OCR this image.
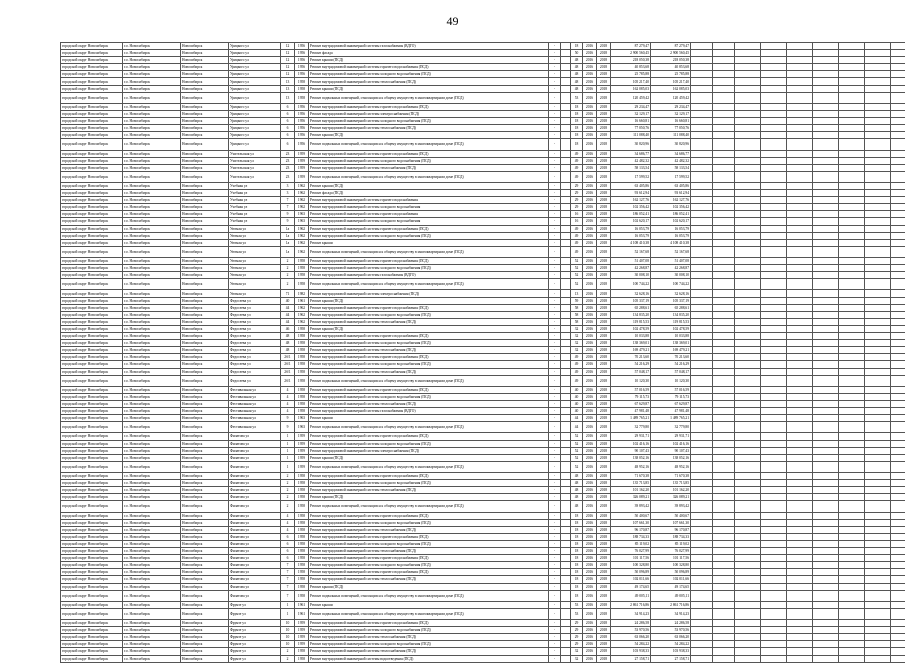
49
городской округ Новосибирск	г.о. Новосибирск	Новосибирск	Урицкого ул	12	1956	Ремонт внутридомовой инженерной системы газоснабжения (ВДГО)	-		18	2016	2018	87 279,47	87 279,47									
городской округ Новосибирск	г.о. Новосибирск	Новосибирск	Урицкого ул	12	1956	Ремонт фасада	-		50	2016	2018	2 900 560,45	2 900 560,45									
городской округ Новосибирск	г.о. Новосибирск	Новосибирск	Урицкого ул	12	1956	Ремонт крыши (ПСД)	-		48	2016	2018	218 050,38	218 050,38									
городской округ Новосибирск	г.о. Новосибирск	Новосибирск	Урицкого ул	12	1956	Ремонт внутридомовой инженерной системы горячего водоснабжения (ПСД)	-		48	2016	2018	40 853,68	40 853,68									
городской округ Новосибирск	г.о. Новосибирск	Новосибирск	Урицкого ул	12	1956	Ремонт внутридомовой инженерной системы холодного водоснабжения (ПСД)	-		48	2016	2018	25 785,88	25 785,88									
городской округ Новосибирск	г.о. Новосибирск	Новосибирск	Урицкого ул	13	1958	Ремонт внутридомовой инженерной системы теплоснабжения (ПСД)	-		48	2016	2018	105 217,40	105 217,40									
городской округ Новосибирск	г.о. Новосибирск	Новосибирск	Урицкого ул	13	1958	Ремонт крыши (ПСД)	-		48	2016	2018	162 085,03	162 085,03									
городской округ Новосибирск	г.о. Новосибирск	Новосибирск	Урицкого ул	13	1958	Ремонт подвальных помещений, относящихся к общему имуществу в многоквартирном доме (ПСД)	-		53	2016	2018	120 459,42	120 459,42									
городской округ Новосибирск	г.о. Новосибирск	Новосибирск	Урицкого ул	6	1956	Ремонт внутридомовой инженерной системы горячего водоснабжения (ПСД)	-		18	2016	2018	29 234,47	29 234,47									
городской округ Новосибирск	г.о. Новосибирск	Новосибирск	Урицкого ул	6	1956	Ремонт внутридомовой инженерной системы электроснабжения (ПСД)	-		18	2016	2018	32 129,17	32 129,17									
городской округ Новосибирск	г.о. Новосибирск	Новосибирск	Урицкого ул	6	1956	Ремонт внутридомовой инженерной системы холодного водоснабжения (ПСД)	-		18	2016	2018	16 660,81	16 660,81									
городской округ Новосибирск	г.о. Новосибирск	Новосибирск	Урицкого ул	6	1956	Ремонт внутридомовой инженерной системы теплоснабжения (ПСД)	-		18	2016	2018	77 050,76	77 050,76									
городской округ Новосибирск	г.о. Новосибирск	Новосибирск	Урицкого ул	6	1956	Ремонт крыши (ПСД)	-		18	2016	2018	111 088,40	111 088,40									
городской округ Новосибирск	г.о. Новосибирск	Новосибирск	Урицкого ул	6	1956	Ремонт подвальных помещений, относящихся к общему имуществу в многоквартирном доме (ПСД)	-		18	2016	2018	30 820,96	30 820,96									
городской округ Новосибирск	г.о. Новосибирск	Новосибирск	Учительская ул	23	1959	Ремонт внутридомовой инженерной системы горячего водоснабжения (ПСД)	-		49	2016	2018	34 686,77	34 686,77									
городской округ Новосибирск	г.о. Новосибирск	Новосибирск	Учительская ул	23	1959	Ремонт внутридомовой инженерной системы холодного водоснабжения (ПСД)	-		49	2016	2018	42 482,32	42 482,32									
городской округ Новосибирск	г.о. Новосибирск	Новосибирск	Учительская ул	23	1959	Ремонт внутридомовой инженерной системы теплоснабжения (ПСД)	-		49	2016	2018	58 133,54	58 133,54									
городской округ Новосибирск	г.о. Новосибирск	Новосибирск	Учительская ул	23	1959	Ремонт подвальных помещений, относящихся к общему имуществу в многоквартирном доме (ПСД)	-		49	2016	2018	17 599,52	17 599,52									
городской округ Новосибирск	г.о. Новосибирск	Новосибирск	Учебная ул	3	1962	Ремонт крыши (ПСД)	-		29	2016	2018	63 405,86	63 405,86									
городской округ Новосибирск	г.о. Новосибирск	Новосибирск	Учебная ул	3	1962	Ремонт фасада (ПСД)	-		29	2016	2018	93 612,94	93 612,94									
городской округ Новосибирск	г.о. Новосибирск	Новосибирск	Учебная ул	7	1962	Ремонт внутридомовой инженерной системы горячего водоснабжения	-		29	2016	2018	162 127,76	162 127,76									
городской округ Новосибирск	г.о. Новосибирск	Новосибирск	Учебная ул	7	1962	Ремонт внутридомовой инженерной системы холодного водоснабжения	-		29	2016	2018	102 356,42	102 356,42									
городской округ Новосибирск	г.о. Новосибирск	Новосибирск	Учебная ул	9	1963	Ремонт внутридомовой инженерной системы горячего водоснабжения	-		16	2016	2018	186 052,41	186 052,41									
городской округ Новосибирск	г.о. Новосибирск	Новосибирск	Учебная ул	9	1963	Ремонт внутридомовой инженерной системы холодного водоснабжения	-		16	2016	2018	102 620,17	102 620,17									
городской округ Новосибирск	г.о. Новосибирск	Новосибирск	Уютная ул	1а	1962	Ремонт внутридомовой инженерной системы горячего водоснабжения (ПСД)	-		49	2016	2018	16 053,79	16 053,79									
городской округ Новосибирск	г.о. Новосибирск	Новосибирск	Уютная ул	1а	1962	Ремонт внутридомовой инженерной системы холодного водоснабжения (ПСД)	-		49	2016	2018	16 053,79	16 053,79									
городской округ Новосибирск	г.о. Новосибирск	Новосибирск	Уютная ул	1а	1962	Ремонт крыши	-		49	2016	2018	4 108 410,38	4 108 410,38									
городской округ Новосибирск	г.о. Новосибирск	Новосибирск	Уютная ул	1а	1962	Ремонт подвальных помещений, относящихся к общему имуществу в многоквартирном доме (ПСД)	-		49	2016	2018	52 167,68	52 167,68									
городской округ Новосибирск	г.о. Новосибирск	Новосибирск	Уютная ул	2	1958	Ремонт внутридомовой инженерной системы горячего водоснабжения (ПСД)	-		52	2016	2018	51 407,08	51 407,08									
городской округ Новосибирск	г.о. Новосибирск	Новосибирск	Уютная ул	2	1958	Ремонт внутридомовой инженерной системы холодного водоснабжения (ПСД)	-		52	2016	2018	42 268,87	42 268,87									
городской округ Новосибирск	г.о. Новосибирск	Новосибирск	Уютная ул	2	1958	Ремонт внутридомовой инженерной системы газоснабжения (ВДГО)	-		52	2016	2018	30 008,10	30 008,10									
городской округ Новосибирск	г.о. Новосибирск	Новосибирск	Уютная ул	2	1958	Ремонт подвальных помещений, относящихся к общему имуществу в многоквартирном доме (ПСД)	-		52	2016	2018	100 744,22	100 744,22									
городской округ Новосибирск	г.о. Новосибирск	Новосибирск	Уютная ул	71	1982	Ремонт внутридомовой инженерной системы электроснабжения (ПСД)	-		13	2016	2018	32 628,16	32 628,16									
городской округ Новосибирск	г.о. Новосибирск	Новосибирск	Федосеева ул	40	1961	Ремонт крыши (ПСД)	-		59	2016	2018	105 337,19	105 337,19									
городской округ Новосибирск	г.о. Новосибирск	Новосибирск	Федосеева ул	44	1962	Ремонт внутридомовой инженерной системы горячего водоснабжения (ПСД)	-		58	2016	2018	65 288,61	65 288,61									
городской округ Новосибирск	г.о. Новосибирск	Новосибирск	Федосеева ул	44	1962	Ремонт внутридомовой инженерной системы холодного водоснабжения (ПСД)	-		58	2016	2018	134 835,20	134 835,20									
городской округ Новосибирск	г.о. Новосибирск	Новосибирск	Федосеева ул	44	1962	Ремонт внутридомовой инженерной системы теплоснабжения (ПСД)	-		58	2016	2018	119 815,53	119 815,53									
городской округ Новосибирск	г.о. Новосибирск	Новосибирск	Федосеева ул	46	1958	Ремонт крыши (ПСД)	-		32	2016	2018	102 478,59	102 478,59									
городской округ Новосибирск	г.о. Новосибирск	Новосибирск	Федосеева ул	48	1958	Ремонт внутридомовой инженерной системы горячего водоснабжения (ПСД)	-		32	2016	2018	10 033,88	10 033,88									
городской округ Новосибирск	г.о. Новосибирск	Новосибирск	Федосеева ул	48	1958	Ремонт внутридомовой инженерной системы холодного водоснабжения (ПСД)	-		32	2016	2018	138 369,01	138 369,01									
городской округ Новосибирск	г.о. Новосибирск	Новосибирск	Федосеева ул	48	1958	Ремонт внутридомовой инженерной системы теплоснабжения (ПСД)	-		32	2016	2018	169 479,21	169 479,21									
городской округ Новосибирск	г.о. Новосибирск	Новосибирск	Федосеева ул	2б/1	1958	Ремонт внутридомовой инженерной системы горячего водоснабжения (ПСД)	-		49	2016	2018	70 213,60	70 213,60									
городской округ Новосибирск	г.о. Новосибирск	Новосибирск	Федосеева ул	2б/1	1958	Ремонт внутридомовой инженерной системы холодного водоснабжения (ПСД)	-		49	2016	2018	54 216,29	54 216,29									
городской округ Новосибирск	г.о. Новосибирск	Новосибирск	Федосеева ул	2б/1	1958	Ремонт внутридомовой инженерной системы теплоснабжения (ПСД)	-		49	2016	2018	57 048,17	57 048,17									
городской округ Новосибирск	г.о. Новосибирск	Новосибирск	Федосеева ул	2б/1	1958	Ремонт подвальных помещений, относящихся к общему имуществу в многоквартирном доме (ПСД)	-		49	2016	2018	10 120,30	10 120,30									
городской округ Новосибирск	г.о. Новосибирск	Новосибирск	Фестивальная ул	4	1958	Ремонт внутридомовой инженерной системы горячего водоснабжения (ПСД)	-		40	2016	2018	57 016,59	57 016,59									
городской округ Новосибирск	г.о. Новосибирск	Новосибирск	Фестивальная ул	4	1958	Ремонт внутридомовой инженерной системы холодного водоснабжения (ПСД)	-		40	2016	2018	79 115,73	79 115,73									
городской округ Новосибирск	г.о. Новосибирск	Новосибирск	Фестивальная ул	4	1958	Ремонт внутридомовой инженерной системы теплоснабжения (ПСД)	-		40	2016	2018	67 629,87	67 629,87									
городской округ Новосибирск	г.о. Новосибирск	Новосибирск	Фестивальная ул	4	1958	Ремонт внутридомовой инженерной системы газоснабжения (ВДГО)	-		40	2016	2018	47 981,48	47 981,48									
городской округ Новосибирск	г.о. Новосибирск	Новосибирск	Фестивальная ул	9	1963	Ремонт крыши	-		44	2016	2018	1 489 765,21	1 489 765,21									
городской округ Новосибирск	г.о. Новосибирск	Новосибирск	Фестивальная ул	9	1963	Ремонт подвальных помещений, относящихся к общему имуществу в многоквартирном доме (ПСД)	-		44	2016	2018	32 779,80	32 779,80									
городской округ Новосибирск	г.о. Новосибирск	Новосибирск	Филатова ул	1	1959	Ремонт внутридомовой инженерной системы горячего водоснабжения (ПСД)	-		52	2016	2018	29 931,71	29 931,71									
городской округ Новосибирск	г.о. Новосибирск	Новосибирск	Филатова ул	1	1959	Ремонт внутридомовой инженерной системы холодного водоснабжения (ПСД)	-		52	2016	2018	102 416,16	102 416,16									
городской округ Новосибирск	г.о. Новосибирск	Новосибирск	Филатова ул	1	1959	Ремонт внутридомовой инженерной системы электроснабжения (ПСД)	-		52	2016	2018	90 107,43	90 107,43									
городской округ Новосибирск	г.о. Новосибирск	Новосибирск	Филатова ул	1	1959	Ремонт крыши (ПСД)	-		52	2016	2018	138 052,16	138 052,16									
городской округ Новосибирск	г.о. Новосибирск	Новосибирск	Филатова ул	1	1959	Ремонт подвальных помещений, относящихся к общему имуществу в многоквартирном доме (ПСД)	-		52	2016	2018	48 952,16	48 952,16									
городской округ Новосибирск	г.о. Новосибирск	Новосибирск	Филатова ул	2	1958	Ремонт внутридомовой инженерной системы горячего водоснабжения (ПСД)	-		48	2016	2018	71 670,38	71 670,38									
городской округ Новосибирск	г.о. Новосибирск	Новосибирск	Филатова ул	2	1958	Ремонт внутридомовой инженерной системы холодного водоснабжения (ПСД)	-		48	2016	2018	135 713,85	135 713,85									
городской округ Новосибирск	г.о. Новосибирск	Новосибирск	Филатова ул	2	1958	Ремонт внутридомовой инженерной системы теплоснабжения (ПСД)	-		48	2016	2018	101 162,20	101 162,20									
городской округ Новосибирск	г.о. Новосибирск	Новосибирск	Филатова ул	2	1958	Ремонт крыши (ПСД)	-		48	2016	2018	326 089,21	326 089,21									
городской округ Новосибирск	г.о. Новосибирск	Новосибирск	Филатова ул	2	1958	Ремонт подвальных помещений, относящихся к общему имуществу в многоквартирном доме (ПСД)	-		48	2016	2018	39 893,42	39 893,42									
городской округ Новосибирск	г.о. Новосибирск	Новосибирск	Филатова ул	4	1958	Ремонт внутридомовой инженерной системы горячего водоснабжения (ПСД)	-		18	2016	2018	50 400,67	50 400,67									
городской округ Новосибирск	г.о. Новосибирск	Новосибирск	Филатова ул	4	1958	Ремонт внутридомовой инженерной системы холодного водоснабжения (ПСД)	-		18	2016	2018	107 661,30	107 661,30									
городской округ Новосибирск	г.о. Новосибирск	Новосибирск	Филатова ул	4	1958	Ремонт внутридомовой инженерной системы теплоснабжения (ПСД)	-		18	2016	2018	96 170,87	96 170,87									
городской округ Новосибирск	г.о. Новосибирск	Новосибирск	Филатова ул	6	1958	Ремонт внутридомовой инженерной системы горячего водоснабжения (ПСД)	-		18	2016	2018	188 734,33	188 734,33									
городской округ Новосибирск	г.о. Новосибирск	Новосибирск	Филатова ул	6	1958	Ремонт внутридомовой инженерной системы холодного водоснабжения (ПСД)	-		18	2016	2018	85 119,02	85 119,02									
городской округ Новосибирск	г.о. Новосибирск	Новосибирск	Филатова ул	6	1958	Ремонт внутридомовой инженерной системы теплоснабжения (ПСД)	-		18	2016	2018	76 027,99	76 027,99									
городской округ Новосибирск	г.о. Новосибирск	Новосибирск	Филатова ул	6	1958	Ремонт внутридомовой инженерной системы горячего водоснабжения (ПСД)	-		18	2016	2018	101 117,56	101 117,56									
городской округ Новосибирск	г.о. Новосибирск	Новосибирск	Филатова ул	7	1958	Ремонт внутридомовой инженерной системы холодного водоснабжения (ПСД)	-		18	2016	2018	100 328,80	100 328,80									
городской округ Новосибирск	г.о. Новосибирск	Новосибирск	Филатова ул	7	1958	Ремонт внутридомовой инженерной системы горячего водоснабжения (ПСД)	-		18	2016	2018	50 096,89	50 096,89									
городской округ Новосибирск	г.о. Новосибирск	Новосибирск	Филатова ул	7	1958	Ремонт внутридомовой инженерной системы теплоснабжения (ПСД)	-		18	2016	2018	102 011,66	102 011,66									
городской округ Новосибирск	г.о. Новосибирск	Новосибирск	Филатова ул	7	1958	Ремонт крыши (ПСД)	-		18	2016	2018	49 174,65	49 174,65									
городской округ Новосибирск	г.о. Новосибирск	Новосибирск	Филатова ул	7	1958	Ремонт подвальных помещений, относящихся к общему имуществу в многоквартирном доме (ПСД)	-		18	2016	2018	49 005,11	49 005,11									
городской округ Новосибирск	г.о. Новосибирск	Новосибирск	Фрунзе ул	1	1961	Ремонт крыши	-		53	2016	2018	2 861 716,86	2 861 716,86									
городской округ Новосибирск	г.о. Новосибирск	Новосибирск	Фрунзе ул	1	1961	Ремонт подвальных помещений, относящихся к общему имуществу в многоквартирном доме (ПСД)	-		53	2016	2018	34 914,23	34 914,23									
городской округ Новосибирск	г.о. Новосибирск	Новосибирск	Фрунзе ул	10	1959	Ремонт внутридомовой инженерной системы горячего водоснабжения (ПСД)	-		29	2016	2018	24 286,58	24 286,58									
городской округ Новосибирск	г.о. Новосибирск	Новосибирск	Фрунзе ул	10	1959	Ремонт внутридомовой инженерной системы холодного водоснабжения (ПСД)	-		29	2016	2018	53 970,56	53 970,56									
городской округ Новосибирск	г.о. Новосибирск	Новосибирск	Фрунзе ул	10	1959	Ремонт внутридомовой инженерной системы теплоснабжения (ПСД)	-		29	2016	2018	63 066,20	63 066,20									
городской округ Новосибирск	г.о. Новосибирск	Новосибирск	Фрунзе ул	10	1959	Ремонт внутридомовой инженерной системы холодного водоснабжения (ПСД)	-		29	2016	2018	54 284,22	54 284,22									
городской округ Новосибирск	г.о. Новосибирск	Новосибирск	Фрунзе ул	2	1958	Ремонт внутридомовой инженерной системы теплоснабжения (ПСД)	-		32	2016	2018	103 938,33	103 938,33									
городской округ Новосибирск	г.о. Новосибирск	Новосибирск	Фрунзе ул	2	1958	Ремонт внутридомовой инженерной системы водоотведения (ПСД)	-		32	2016	2018	27 158,71	27 158,71									
